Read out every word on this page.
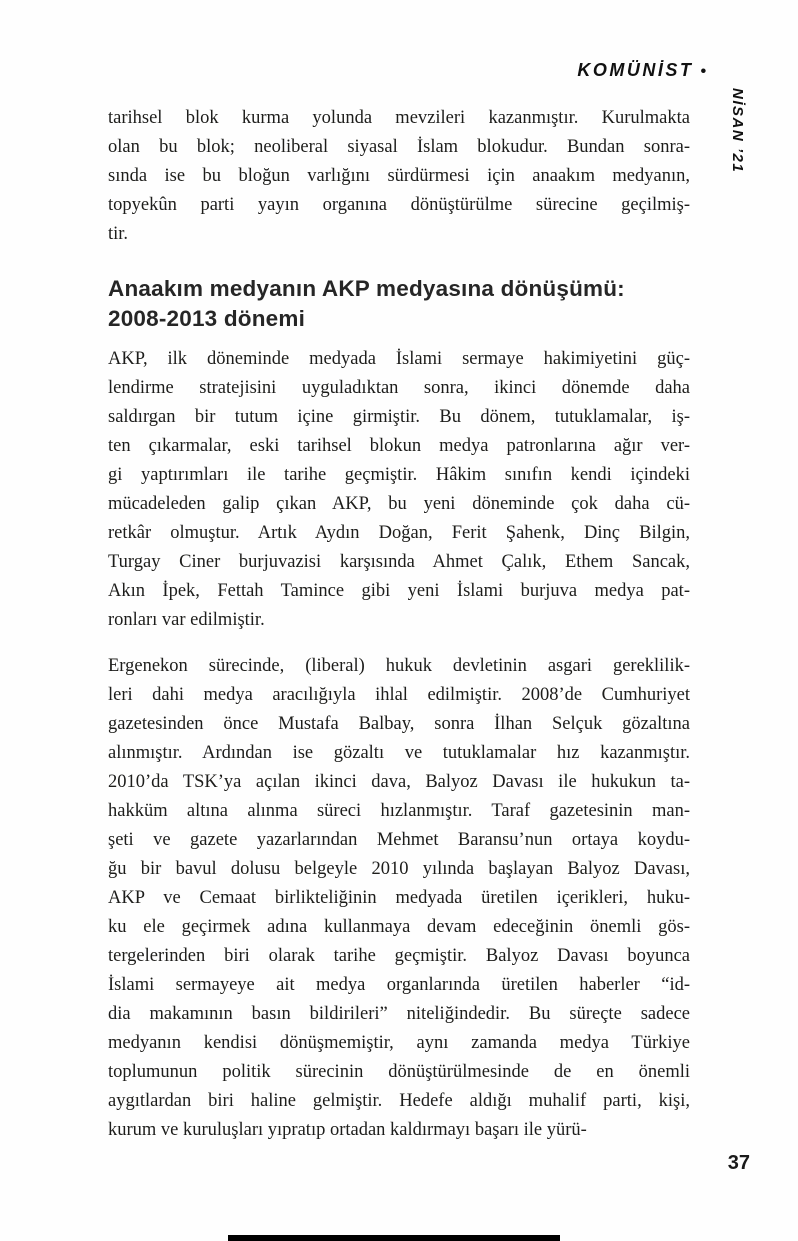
KOMÜNİST •
NİSAN ’21
tarihsel blok kurma yolunda mevzileri kazanmıştır. Kurulmakta
olan bu blok; neoliberal siyasal İslam blokudur. Bundan sonra-
sında ise bu bloğun varlığını sürdürmesi için anaakım medyanın,
topyekûn parti yayın organına dönüştürülme sürecine geçilmiş-
tir.
Anaakım medyanın AKP medyasına dönüşümü:
2008-2013 dönemi
AKP, ilk döneminde medyada İslami sermaye hakimiyetini güç-
lendirme stratejisini uyguladıktan sonra, ikinci dönemde daha
saldırgan bir tutum içine girmiştir. Bu dönem, tutuklamalar, iş-
ten çıkarmalar, eski tarihsel blokun medya patronlarına ağır ver-
gi yaptırımları ile tarihe geçmiştir. Hâkim sınıfın kendi içindeki
mücadeleden galip çıkan AKP, bu yeni döneminde çok daha cü-
retkâr olmuştur. Artık Aydın Doğan, Ferit Şahenk, Dinç Bilgin,
Turgay Ciner burjuvazisi karşısında Ahmet Çalık, Ethem Sancak,
Akın İpek, Fettah Tamince gibi yeni İslami burjuva medya pat-
ronları var edilmiştir.
Ergenekon sürecinde, (liberal) hukuk devletinin asgari gereklilik-
leri dahi medya aracılığıyla ihlal edilmiştir. 2008’de Cumhuriyet
gazetesinden önce Mustafa Balbay, sonra İlhan Selçuk gözaltına
alınmıştır. Ardından ise gözaltı ve tutuklamalar hız kazanmıştır.
2010’da TSK’ya açılan ikinci dava, Balyoz Davası ile hukukun ta-
hakküm altına alınma süreci hızlanmıştır. Taraf gazetesinin man-
şeti ve gazete yazarlarından Mehmet Baransu’nun ortaya koydu-
ğu bir bavul dolusu belgeyle 2010 yılında başlayan Balyoz Davası,
AKP ve Cemaat birlikteliğinin medyada üretilen içerikleri, huku-
ku ele geçirmek adına kullanmaya devam edeceğinin önemli gös-
tergelerinden biri olarak tarihe geçmiştir. Balyoz Davası boyunca
İslami sermayeye ait medya organlarında üretilen haberler “id-
dia makamının basın bildirileri” niteliğindedir. Bu süreçte sadece
medyanın kendisi dönüşmemiştir, aynı zamanda medya Türkiye
toplumunun politik sürecinin dönüştürülmesinde de en önemli
aygıtlardan biri haline gelmiştir. Hedefe aldığı muhalif parti, kişi,
kurum ve kuruluşları yıpratıp ortadan kaldırmayı başarı ile yürü-
37
